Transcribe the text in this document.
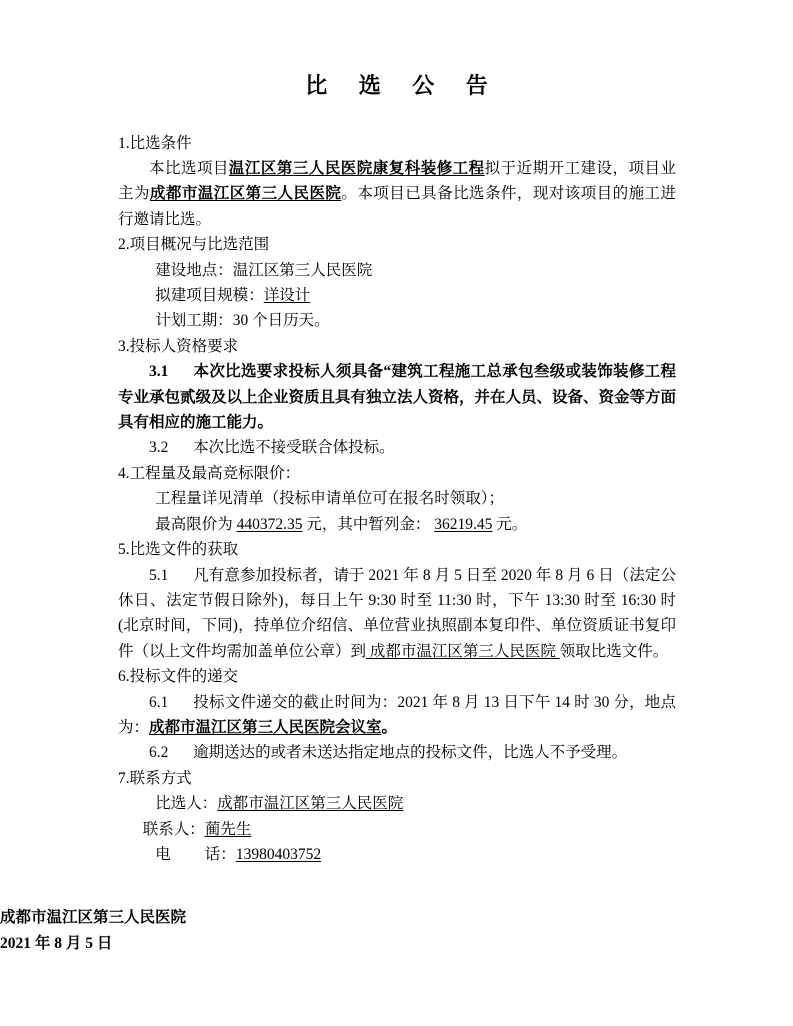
比 选 公 告

1.比选条件

本比选项目温江区第三人民医院康复科装修工程拟于近期开工建设，项目业主为成都市温江区第三人民医院。本项目已具备比选条件，现对该项目的施工进行邀请比选。

2.项目概况与比选范围

建设地点：温江区第三人民医院

拟建项目规模：详设计

计划工期：30 个日历天。

3.投标人资格要求

3.1 本次比选要求投标人须具备“建筑工程施工总承包叁级或装饰装修工程专业承包贰级及以上企业资质且具有独立法人资格，并在人员、设备、资金等方面具有相应的施工能力。

3.2 本次比选不接受联合体投标。

4.工程量及最高竞标限价：

工程量详见清单（投标申请单位可在报名时领取）；

最高限价为 440372.35 元，其中暂列金： 36219.45 元。

5.比选文件的获取

5.1 凡有意参加投标者，请于 2021 年 8 月 5 日至 2020 年 8 月 6 日（法定公休日、法定节假日除外)，每日上午 9:30 时至 11:30 时，下午 13:30 时至 16:30 时(北京时间，下同)，持单位介绍信、单位营业执照副本复印件、单位资质证书复印件（以上文件均需加盖单位公章）到 成都市温江区第三人民医院 领取比选文件。

6.投标文件的递交

6.1 投标文件递交的截止时间为：2021 年 8 月 13 日下午 14 时 30 分，地点为：成都市温江区第三人民医院会议室。

6.2 逾期送达的或者未送达指定地点的投标文件，比选人不予受理。

7.联系方式

比选人：成都市温江区第三人民医院

联系人：蔺先生

电 话：13980403752

成都市温江区第三人民医院

2021 年 8 月 5 日
